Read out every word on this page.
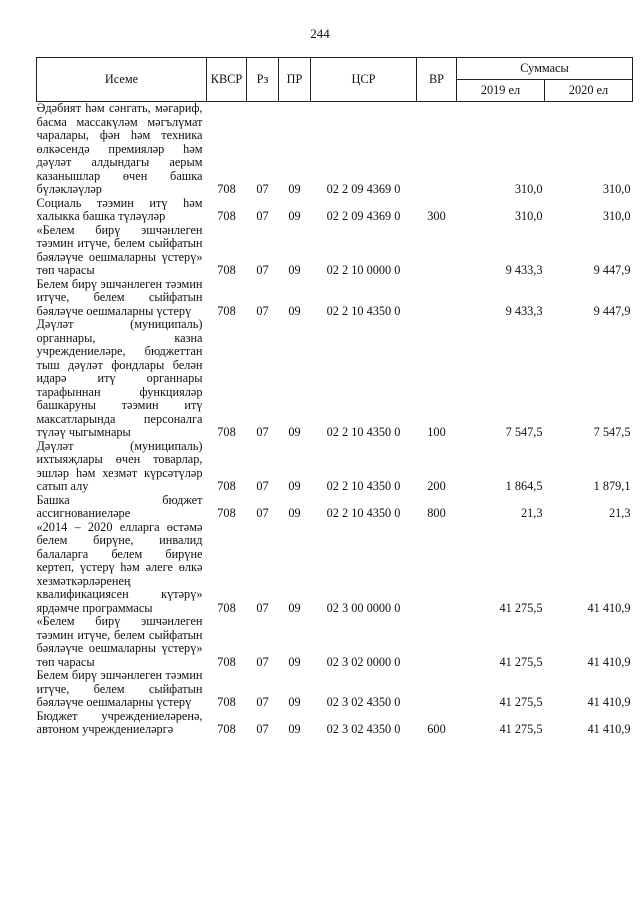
244
Исеме	КВСР	Рз	ПР	ЦСР	ВР	Суммасы	
						2019 ел	2020 ел
Әдәбият һәм сәнгать, мәгариф, басма массакүләм мәгълүмат чаралары, фән һәм техника өлкәсендә премияләр һәм дәүләт алдындагы аерым казанышлар өчен башка бүләкләүләр	708	07	09	02 2 09 4369 0		310,0	310,0
Социаль тәэмин итү һәм халыкка башка түләүләр	708	07	09	02 2 09 4369 0	300	310,0	310,0
«Белем бирү эшчәнлеген тәэмин итүче, белем сыйфатын бәяләүче оешмаларны үстерү» төп чарасы	708	07	09	02 2 10 0000 0		9 433,3	9 447,9
Белем бирү эшчәнлеген тәэмин итүче, белем сыйфатын бәяләүче оешмаларны үстерү	708	07	09	02 2 10 4350 0		9 433,3	9 447,9
Дәүләт (муниципаль) органнары, казна учреждениеләре, бюджеттан тыш дәүләт фондлары белән идарә итү органнары тарафыннан функцияләр башкаруны тәэмин итү максатларында персоналга түләү чыгымнары	708	07	09	02 2 10 4350 0	100	7 547,5	7 547,5
Дәүләт (муниципаль) ихтыяҗлары өчен товарлар, эшләр һәм хезмәт күрсәтүләр сатып алу	708	07	09	02 2 10 4350 0	200	1 864,5	1 879,1
Башка бюджет ассигнованиеләре	708	07	09	02 2 10 4350 0	800	21,3	21,3
«2014 – 2020 елларга өстәмә белем бирүне, инвалид балаларга белем бирүне кертеп, үстерү һәм әлеге өлкә хезмәткәрләренең квалификациясен күтәрү» ярдәмче программасы	708	07	09	02 3 00 0000 0		41 275,5	41 410,9
«Белем бирү эшчәнлеген тәэмин итүче, белем сыйфатын бәяләүче оешмаларны үстерү» төп чарасы	708	07	09	02 3 02 0000 0		41 275,5	41 410,9
Белем бирү эшчәнлеген тәэмин итүче, белем сыйфатын бәяләүче оешмаларны үстерү	708	07	09	02 3 02 4350 0		41 275,5	41 410,9
Бюджет учреждениеләренә, автоном учреждениеләргә	708	07	09	02 3 02 4350 0	600	41 275,5	41 410,9
